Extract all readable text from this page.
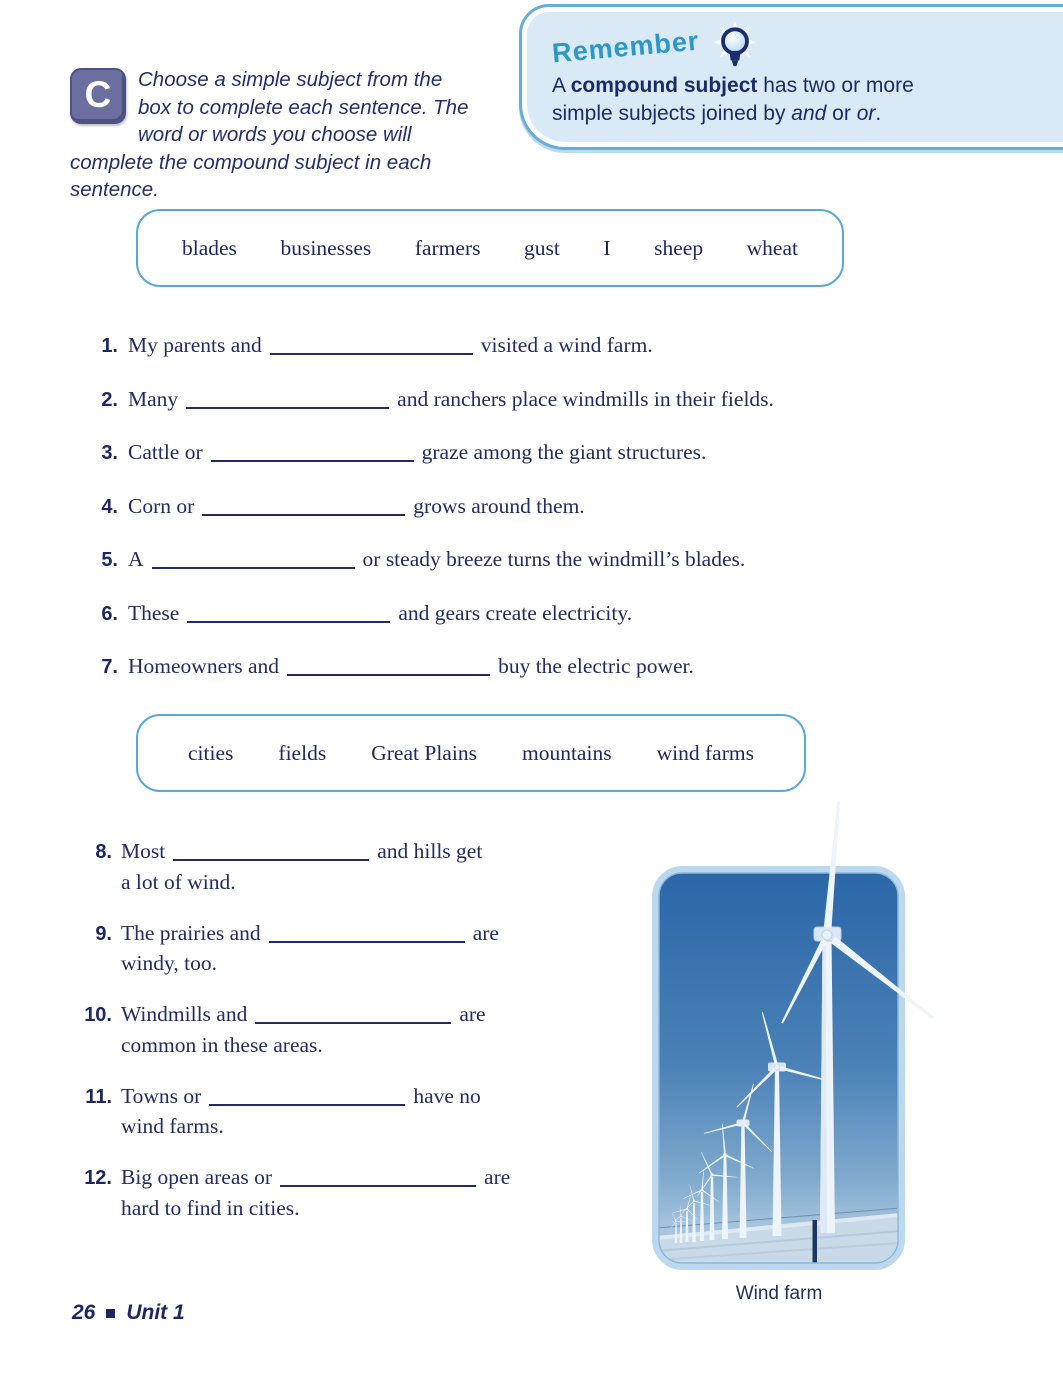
C	Choose a simple subject from the box to complete each sentence. The word or words you choose will complete the compound subject in each sentence.
Remember
A compound subject has two or more
simple subjects joined by and or or.
blades businesses farmers gust I sheep wheat
1. My parents and	visited a wind farm.
2. Many	and ranchers place windmills in their fields.
3. Cattle or	graze among the giant structures.
4. Corn or	grows around them.
5. A	or steady breeze turns the windmill’s blades.
6. These	and gears create electricity.
7. Homeowners and	buy the electric power.
cities fields Great Plains mountains wind farms
8. Most	and hills get
a lot of wind.
9. The prairies and	are
windy, too.
10. Windmills and	are
common in these areas.
11. Towns or	have no
wind farms.
12. Big open areas or	are
hard to find in cities.
Wind farm
26 Unit 1
